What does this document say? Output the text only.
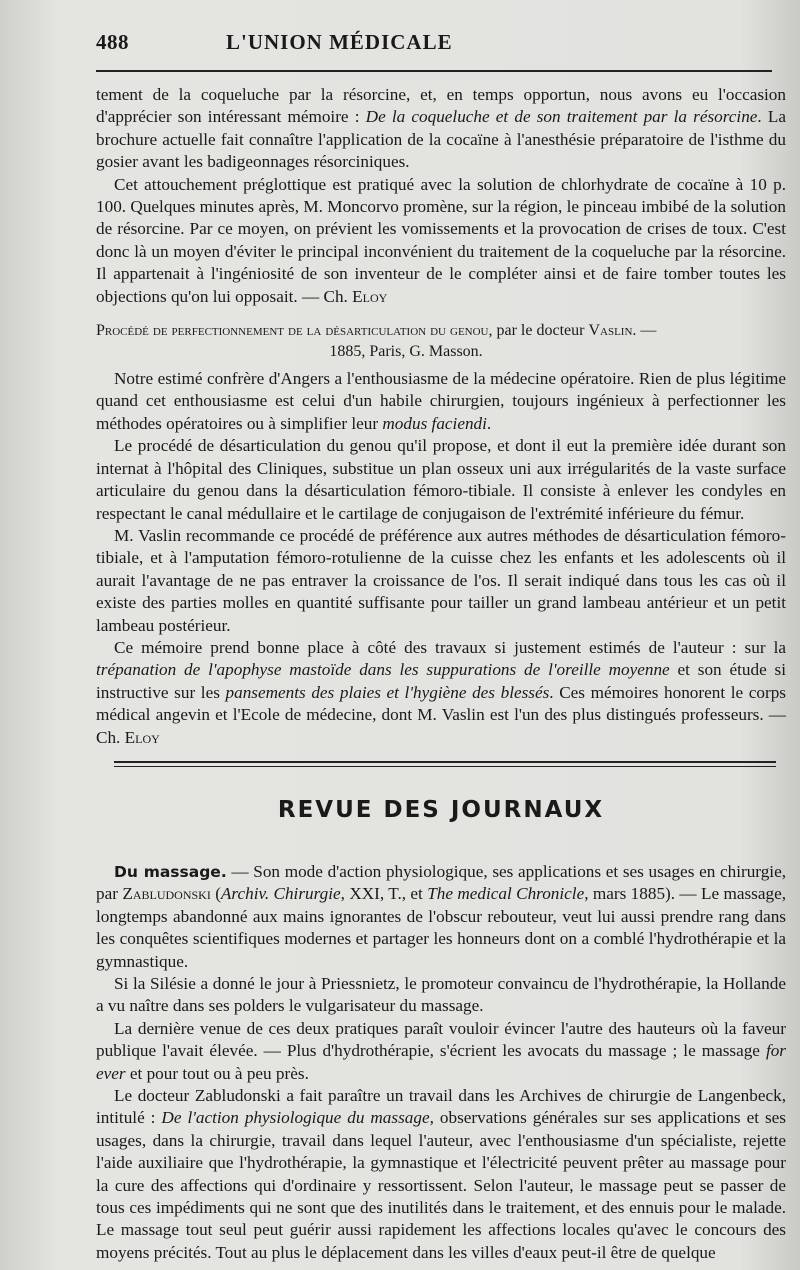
488	L'UNION MÉDICALE

tement de la coqueluche par la résorcine, et, en temps opportun, nous avons eu l'occasion d'apprécier son intéressant mémoire : De la coqueluche et de son traitement par la résorcine. La brochure actuelle fait connaître l'application de la cocaïne à l'anesthésie préparatoire de l'isthme du gosier avant les badigeonnages résorciniques.

Cet attouchement préglottique est pratiqué avec la solution de chlorhydrate de cocaïne à 10 p. 100. Quelques minutes après, M. Moncorvo promène, sur la région, le pinceau imbibé de la solution de résorcine. Par ce moyen, on prévient les vomissements et la provocation de crises de toux. C'est donc là un moyen d'éviter le principal inconvénient du traitement de la coqueluche par la résorcine. Il appartenait à l'ingéniosité de son inventeur de le compléter ainsi et de faire tomber toutes les objections qu'on lui opposait. — Ch. Eloy

Procédé de perfectionnement de la désarticulation du genou, par le docteur Vaslin. —
1885, Paris, G. Masson.

Notre estimé confrère d'Angers a l'enthousiasme de la médecine opératoire. Rien de plus légitime quand cet enthousiasme est celui d'un habile chirurgien, toujours ingénieux à perfectionner les méthodes opératoires ou à simplifier leur modus faciendi.

Le procédé de désarticulation du genou qu'il propose, et dont il eut la première idée durant son internat à l'hôpital des Cliniques, substitue un plan osseux uni aux irrégularités de la vaste surface articulaire du genou dans la désarticulation fémoro-tibiale. Il consiste à enlever les condyles en respectant le canal médullaire et le cartilage de conjugaison de l'extrémité inférieure du fémur.

M. Vaslin recommande ce procédé de préférence aux autres méthodes de désarticulation fémoro-tibiale, et à l'amputation fémoro-rotulienne de la cuisse chez les enfants et les adolescents où il aurait l'avantage de ne pas entraver la croissance de l'os. Il serait indiqué dans tous les cas où il existe des parties molles en quantité suffisante pour tailler un grand lambeau antérieur et un petit lambeau postérieur.

Ce mémoire prend bonne place à côté des travaux si justement estimés de l'auteur : sur la trépanation de l'apophyse mastoïde dans les suppurations de l'oreille moyenne et son étude si instructive sur les pansements des plaies et l'hygiène des blessés. Ces mémoires honorent le corps médical angevin et l'Ecole de médecine, dont M. Vaslin est l'un des plus distingués professeurs. — Ch. Eloy

REVUE DES JOURNAUX

Du massage. — Son mode d'action physiologique, ses applications et ses usages en chirurgie, par Zabludonski (Archiv. Chirurgie, XXI, T., et The medical Chronicle, mars 1885). — Le massage, longtemps abandonné aux mains ignorantes de l'obscur rebouteur, veut lui aussi prendre rang dans les conquêtes scientifiques modernes et partager les honneurs dont on a comblé l'hydrothérapie et la gymnastique.

Si la Silésie a donné le jour à Priessnietz, le promoteur convaincu de l'hydrothérapie, la Hollande a vu naître dans ses polders le vulgarisateur du massage.

La dernière venue de ces deux pratiques paraît vouloir évincer l'autre des hauteurs où la faveur publique l'avait élevée. — Plus d'hydrothérapie, s'écrient les avocats du massage ; le massage for ever et pour tout ou à peu près.

Le docteur Zabludonski a fait paraître un travail dans les Archives de chirurgie de Langenbeck, intitulé : De l'action physiologique du massage, observations générales sur ses applications et ses usages, dans la chirurgie, travail dans lequel l'auteur, avec l'enthousiasme d'un spécialiste, rejette l'aide auxiliaire que l'hydrothérapie, la gymnastique et l'électricité peuvent prêter au massage pour la cure des affections qui d'ordinaire y ressortissent. Selon l'auteur, le massage peut se passer de tous ces impédiments qui ne sont que des inutilités dans le traitement, et des ennuis pour le malade. Le massage tout seul peut guérir aussi rapidement les affections locales qu'avec le concours des moyens précités. Tout au plus le déplacement dans les villes d'eaux peut-il être de quelque
